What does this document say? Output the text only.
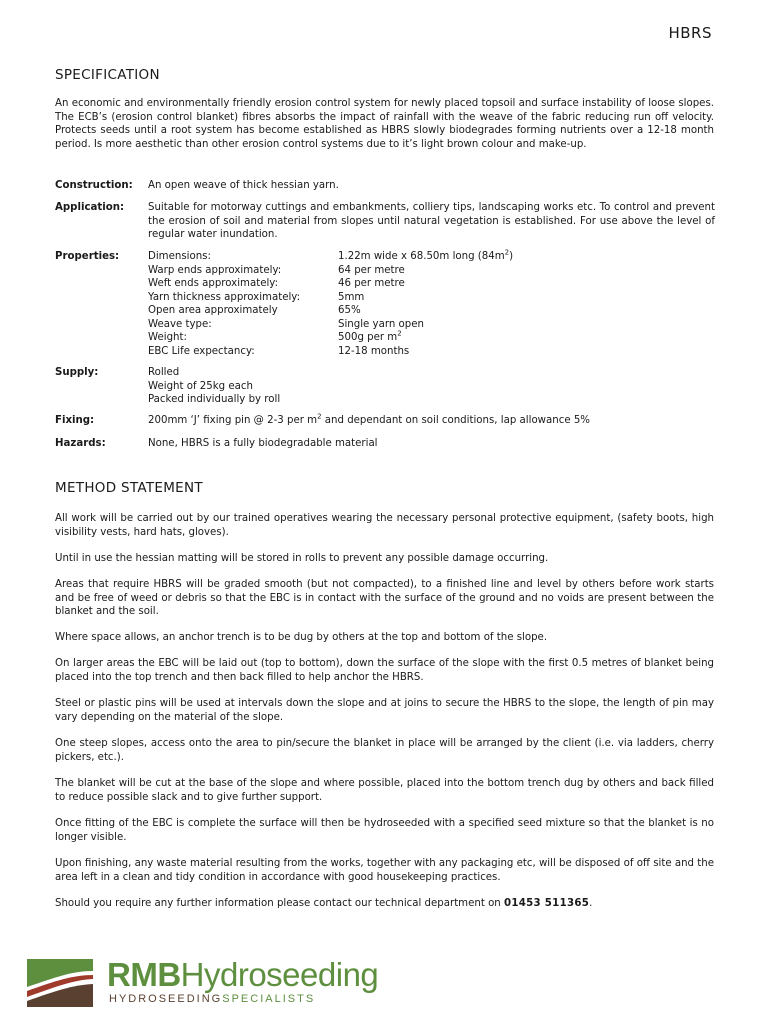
HBRS
SPECIFICATION

An economic and environmentally friendly erosion control system for newly placed topsoil and surface instability of loose slopes. The ECB’s (erosion control blanket) fibres absorbs the impact of rainfall with the weave of the fabric reducing run off velocity. Protects seeds until a root system has become established as HBRS slowly biodegrades forming nutrients over a 12-18 month period. Is more aesthetic than other erosion control systems due to it’s light brown colour and make-up.

Construction: An open weave of thick hessian yarn.
Application: Suitable for motorway cuttings and embankments, colliery tips, landscaping works etc. To control and prevent the erosion of soil and material from slopes until natural vegetation is established. For use above the level of regular water inundation.
Properties:	Dimensions:	1.22m wide x 68.50m long $(84m^2)$
Warp ends approximately:	64 per metre
Weft ends approximately:	46 per metre
Yarn thickness approximately:	5mm
Open area approximately	65%
Weave type:	Single yarn open
Weight:	500g per $m^2$
EBC Life expectancy:	12-18 months
Supply:	Rolled
Weight of 25kg each
Packed individually by roll
Fixing:	200mm ‘J’ fixing pin @ 2-3 per $m^2$ and dependant on soil conditions, lap allowance 5%
Hazards:	None, HBRS is a fully biodegradable material
METHOD STATEMENT

All work will be carried out by our trained operatives wearing the necessary personal protective equipment, (safety boots, high visibility vests, hard hats, gloves).

Until in use the hessian matting will be stored in rolls to prevent any possible damage occurring.

Areas that require HBRS will be graded smooth (but not compacted), to a finished line and level by others before work starts and be free of weed or debris so that the EBC is in contact with the surface of the ground and no voids are present between the blanket and the soil.

Where space allows, an anchor trench is to be dug by others at the top and bottom of the slope.

On larger areas the EBC will be laid out (top to bottom), down the surface of the slope with the first 0.5 metres of blanket being placed into the top trench and then back filled to help anchor the HBRS.

Steel or plastic pins will be used at intervals down the slope and at joins to secure the HBRS to the slope, the length of pin may vary depending on the material of the slope.

One steep slopes, access onto the area to pin/secure the blanket in place will be arranged by the client (i.e. via ladders, cherry pickers, etc.).

The blanket will be cut at the base of the slope and where possible, placed into the bottom trench dug by others and back filled to reduce possible slack and to give further support.

Once fitting of the EBC is complete the surface will then be hydroseeded with a specified seed mixture so that the blanket is no longer visible.

Upon finishing, any waste material resulting from the works, together with any packaging etc, will be disposed of off site and the area left in a clean and tidy condition in accordance with good housekeeping practices.

Should you require any further information please contact our technical department on 01453 511365.

RMBHydroseeding
HYDROSEEDINGSPECIALISTS
